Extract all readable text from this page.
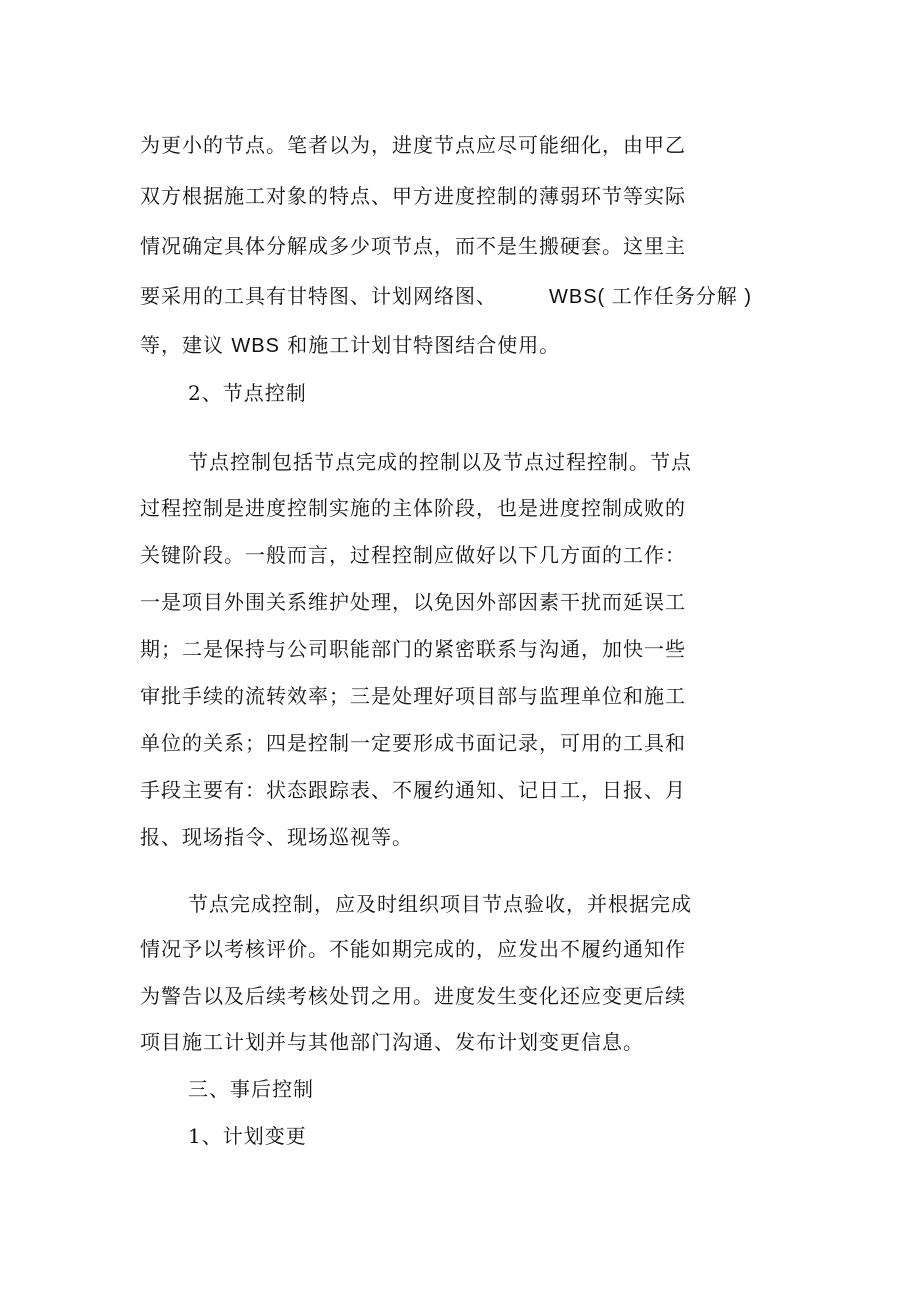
为更小的节点。笔者以为，进度节点应尽可能细化，由甲乙
双方根据施工对象的特点、甲方进度控制的薄弱环节等实际
情况确定具体分解成多少项节点，而不是生搬硬套。这里主
要采用的工具有甘特图、计划网络图、	WBS( 工作任务分解 )
等，建议 WBS 和施工计划甘特图结合使用。
2、节点控制
节点控制包括节点完成的控制以及节点过程控制。节点
过程控制是进度控制实施的主体阶段，也是进度控制成败的
关键阶段。一般而言，过程控制应做好以下几方面的工作：
一是项目外围关系维护处理，以免因外部因素干扰而延误工
期；二是保持与公司职能部门的紧密联系与沟通，加快一些
审批手续的流转效率；三是处理好项目部与监理单位和施工
单位的关系；四是控制一定要形成书面记录，可用的工具和
手段主要有：状态跟踪表、不履约通知、记日工，日报、月
报、现场指令、现场巡视等。
节点完成控制，应及时组织项目节点验收，并根据完成
情况予以考核评价。不能如期完成的，应发出不履约通知作
为警告以及后续考核处罚之用。进度发生变化还应变更后续
项目施工计划并与其他部门沟通、发布计划变更信息。
三、事后控制
1、计划变更
